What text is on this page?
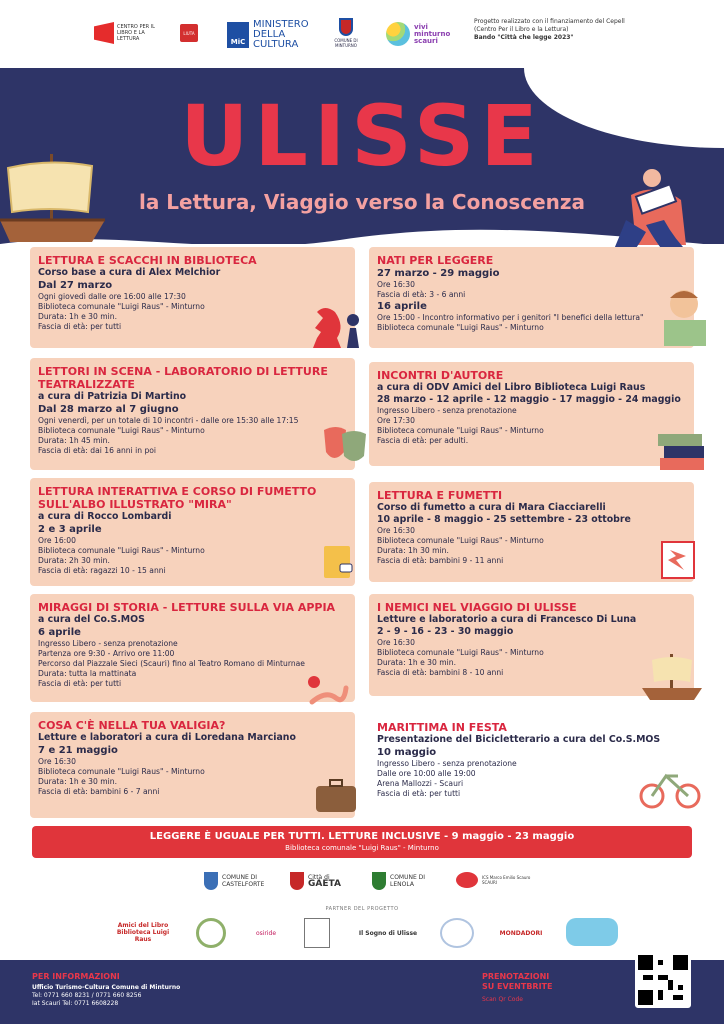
CENTRO PER IL LIBRO E LA LETTURA
LIUTA
MiC
MINISTERO DELLA CULTURA	COMUNE DI MINTURNO
vivi minturno scauri
Progetto realizzato con il finanziamento del Cepell
(Centro Per il Libro e la Lettura)
Bando "Città che legge 2023"
ULISSE
la Lettura, Viaggio verso la Conoscenza
LETTURA E SCACCHI IN BIBLIOTECA
Corso base a cura di Alex Melchior
Dal 27 marzo
Ogni giovedì dalle ore 16:00 alle 17:30
Biblioteca comunale "Luigi Raus" - Minturno
Durata: 1h e 30 min.
Fascia di età: per tutti
LETTORI IN SCENA - LABORATORIO DI LETTURE TEATRALIZZATE
a cura di Patrizia Di Martino
Dal 28 marzo al 7 giugno
Ogni venerdì, per un totale di 10 incontri - dalle ore 15:30 alle 17:15
Biblioteca comunale "Luigi Raus" - Minturno
Durata: 1h 45 min.
Fascia di età: dai 16 anni in poi
LETTURA INTERATTIVA E CORSO DI FUMETTO SULL'ALBO ILLUSTRATO "MIRA"
a cura di Rocco Lombardi
2 e 3 aprile
Ore 16:00
Biblioteca comunale "Luigi Raus" - Minturno
Durata: 2h 30 min.
Fascia di età: ragazzi 10 - 15 anni
MIRAGGI DI STORIA - LETTURE SULLA VIA APPIA
a cura del Co.S.MOS
6 aprile
Ingresso Libero - senza prenotazione
Partenza ore 9:30 - Arrivo ore 11:00
Percorso dal Piazzale Sieci (Scauri) fino al Teatro Romano di Minturnae
Durata: tutta la mattinata
Fascia di età: per tutti
COSA C'È NELLA TUA VALIGIA?
Letture e laboratori a cura di Loredana Marciano
7 e 21 maggio
Ore 16:30
Biblioteca comunale "Luigi Raus" - Minturno
Durata: 1h e 30 min.
Fascia di età: bambini 6 - 7 anni
NATI PER LEGGERE
27 marzo - 29 maggio
Ore 16:30
Fascia di età: 3 - 6 anni
16 aprile
Ore 15:00 - Incontro informativo per i genitori "I benefici della lettura"
Biblioteca comunale "Luigi Raus" - Minturno
INCONTRI D'AUTORE
a cura di ODV Amici del Libro Biblioteca Luigi Raus
28 marzo - 12 aprile - 12 maggio - 17 maggio - 24 maggio
Ingresso Libero - senza prenotazione
Ore 17:30
Biblioteca comunale "Luigi Raus" - Minturno
Fascia di età: per adulti.
LETTURA E FUMETTI
Corso di fumetto a cura di Mara Ciacciarelli
10 aprile - 8 maggio - 25 settembre - 23 ottobre
Ore 16:30
Biblioteca comunale "Luigi Raus" - Minturno
Durata: 1h 30 min.
Fascia di età: bambini 9 - 11 anni
I NEMICI NEL VIAGGIO DI ULISSE
Letture e laboratorio a cura di Francesco Di Luna
2 - 9 - 16 - 23 - 30 maggio
Ore 16:30
Biblioteca comunale "Luigi Raus" - Minturno
Durata: 1h e 30 min.
Fascia di età: bambini 8 - 10 anni
MARITTIMA IN FESTA
Presentazione del Bicicletterario a cura del Co.S.MOS
10 maggio
Ingresso Libero - senza prenotazione
Dalle ore 10:00 alle 19:00
Arena Mallozzi - Scauri
Fascia di età: per tutti
LEGGERE È UGUALE PER TUTTI. LETTURE INCLUSIVE - 9 maggio - 23 maggio
Biblioteca comunale "Luigi Raus" - Minturno
COMUNE DI CASTELFORTE
Città di
GAETA
COMUNE DI LENOLA
ICS Marco Emilio Scauro SCAURI
PARTNER DEL PROGETTO
Amici del Libro Biblioteca Luigi Raus
osiride	Il Sogno di Ulisse	MONDADORI
PER INFORMAZIONI
Ufficio Turismo-Cultura Comune di Minturno
Tel: 0771 660 8231 / 0771 660 8256
Iat Scauri Tel: 0771 6608228
PRENOTAZIONI
SU EVENTBRITE
Scan Qr Code
